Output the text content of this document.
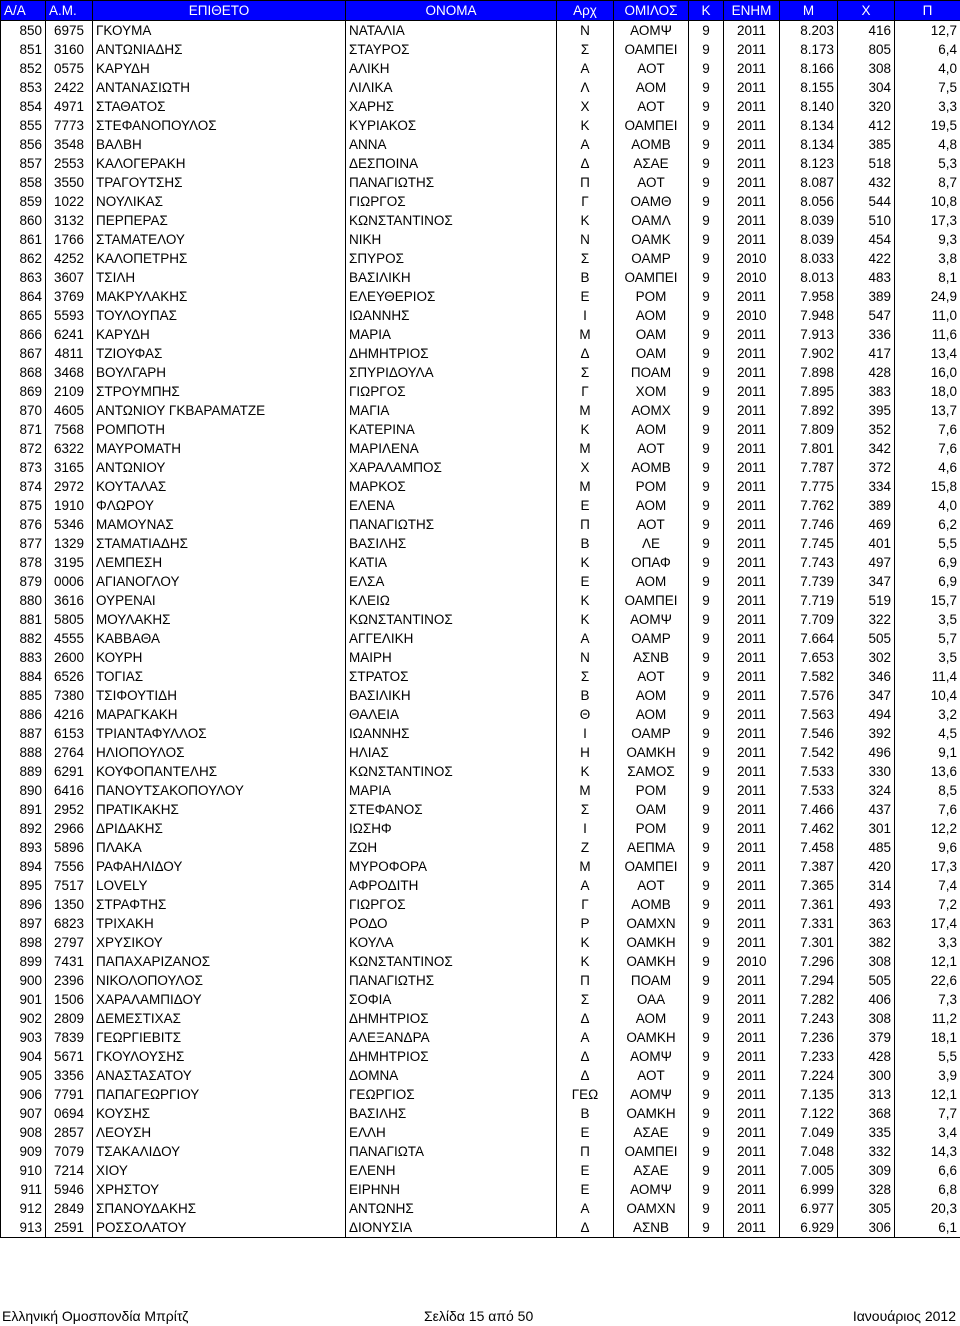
Α/Α	Α.Μ.	ΕΠΙΘΕΤΟ	ΟΝΟΜΑ	Αρχ	ΟΜΙΛΟΣ	Κ	ΕΝΗΜ	Μ	Χ	Π
850	6975	ΓΚΟΥΜΑ	ΝΑΤΑΛΙΑ	Ν	ΑΟΜΨ	9	2011	8.203	416	12,7
851	3160	ΑΝΤΩΝΙΑΔΗΣ	ΣΤΑΥΡΟΣ	Σ	ΟΑΜΠΕΙ	9	2011	8.173	805	6,4
852	0575	ΚΑΡΥΔΗ	ΑΛΙΚΗ	Α	ΑΟΤ	9	2011	8.166	308	4,0
853	2422	ΑΝΤΑΝΑΣΙΩΤΗ	ΛΙΛΙΚΑ	Λ	ΑΟΜ	9	2011	8.155	304	7,5
854	4971	ΣΤΑΘΑΤΟΣ	ΧΑΡΗΣ	Χ	ΑΟΤ	9	2011	8.140	320	3,3
855	7773	ΣΤΕΦΑΝΟΠΟΥΛΟΣ	ΚΥΡΙΑΚΟΣ	Κ	ΟΑΜΠΕΙ	9	2011	8.134	412	19,5
856	3548	ΒΑΛΒΗ	ΑΝΝΑ	Α	ΑΟΜΒ	9	2011	8.134	385	4,8
857	2553	ΚΑΛΟΓΕΡΑΚΗ	ΔΕΣΠΟΙΝΑ	Δ	ΑΣΑΕ	9	2011	8.123	518	5,3
858	3550	ΤΡΑΓΟΥΤΣΗΣ	ΠΑΝΑΓΙΩΤΗΣ	Π	ΑΟΤ	9	2011	8.087	432	8,7
859	1022	ΝΟΥΛΙΚΑΣ	ΓΙΩΡΓΟΣ	Γ	ΟΑΜΘ	9	2011	8.056	544	10,8
860	3132	ΠΕΡΠΕΡΑΣ	ΚΩΝΣΤΑΝΤΙΝΟΣ	Κ	ΟΑΜΛ	9	2011	8.039	510	17,3
861	1766	ΣΤΑΜΑΤΕΛΟΥ	ΝΙΚΗ	Ν	ΟΑΜΚ	9	2011	8.039	454	9,3
862	4252	ΚΑΛΟΠΕΤΡΗΣ	ΣΠΥΡΟΣ	Σ	ΟΑΜΡ	9	2010	8.033	422	3,8
863	3607	ΤΣΙΛΗ	ΒΑΣΙΛΙΚΗ	Β	ΟΑΜΠΕΙ	9	2010	8.013	483	8,1
864	3769	ΜΑΚΡΥΛΑΚΗΣ	ΕΛΕΥΘΕΡΙΟΣ	Ε	ΡΟΜ	9	2011	7.958	389	24,9
865	5593	ΤΟΥΛΟΥΠΑΣ	ΙΩΑΝΝΗΣ	Ι	ΑΟΜ	9	2010	7.948	547	11,0
866	6241	ΚΑΡΥΔΗ	ΜΑΡΙΑ	Μ	ΟΑΜ	9	2011	7.913	336	11,6
867	4811	ΤΖΙΟΥΦΑΣ	ΔΗΜΗΤΡΙΟΣ	Δ	ΟΑΜ	9	2011	7.902	417	13,4
868	3468	ΒΟΥΛΓΑΡΗ	ΣΠΥΡΙΔΟΥΛΑ	Σ	ΠΟΑΜ	9	2011	7.898	428	16,0
869	2109	ΣΤΡΟΥΜΠΗΣ	ΓΙΩΡΓΟΣ	Γ	ΧΟΜ	9	2011	7.895	383	18,0
870	4605	ΑΝΤΩΝΙΟΥ ΓΚΒΑΡΑΜΑΤΖΕ	ΜΑΓΙΑ	Μ	ΑΟΜΧ	9	2011	7.892	395	13,7
871	7568	ΡΟΜΠΟΤΗ	ΚΑΤΕΡΙΝΑ	Κ	ΑΟΜ	9	2011	7.809	352	7,6
872	6322	ΜΑΥΡΟΜΑΤΗ	ΜΑΡΙΛΕΝΑ	Μ	ΑΟΤ	9	2011	7.801	342	7,6
873	3165	ΑΝΤΩΝΙΟΥ	ΧΑΡΑΛΑΜΠΟΣ	Χ	ΑΟΜΒ	9	2011	7.787	372	4,6
874	2972	ΚΟΥΤΑΛΑΣ	ΜΑΡΚΟΣ	Μ	ΡΟΜ	9	2011	7.775	334	15,8
875	1910	ΦΛΩΡΟΥ	ΕΛΕΝΑ	Ε	ΑΟΜ	9	2011	7.762	389	4,0
876	5346	ΜΑΜΟΥΝΑΣ	ΠΑΝΑΓΙΩΤΗΣ	Π	ΑΟΤ	9	2011	7.746	469	6,2
877	1329	ΣΤΑΜΑΤΙΑΔΗΣ	ΒΑΣΙΛΗΣ	Β	ΛΕ	9	2011	7.745	401	5,5
878	3195	ΛΕΜΠΕΣΗ	ΚΑΤΙΑ	Κ	ΟΠΑΦ	9	2011	7.743	497	6,9
879	0006	ΑΓΙΑΝΟΓΛΟΥ	ΕΛΣΑ	Ε	ΑΟΜ	9	2011	7.739	347	6,9
880	3616	ΟΥΡΕΝΑΙ	ΚΛΕΙΩ	Κ	ΟΑΜΠΕΙ	9	2011	7.719	519	15,7
881	5805	ΜΟΥΛΑΚΗΣ	ΚΩΝΣΤΑΝΤΙΝΟΣ	Κ	ΑΟΜΨ	9	2011	7.709	322	3,5
882	4555	ΚΑΒΒΑΘΑ	ΑΓΓΕΛΙΚΗ	Α	ΟΑΜΡ	9	2011	7.664	505	5,7
883	2600	ΚΟΥΡΗ	ΜΑΙΡΗ	Ν	ΑΣΝΒ	9	2011	7.653	302	3,5
884	6526	ΤΟΓΙΑΣ	ΣΤΡΑΤΟΣ	Σ	ΑΟΤ	9	2011	7.582	346	11,4
885	7380	ΤΣΙΦΟΥΤΙΔΗ	ΒΑΣΙΛΙΚΗ	Β	ΑΟΜ	9	2011	7.576	347	10,4
886	4216	ΜΑΡΑΓΚΑΚΗ	ΘΑΛΕΙΑ	Θ	ΑΟΜ	9	2011	7.563	494	3,2
887	6153	ΤΡΙΑΝΤΑΦΥΛΛΟΣ	ΙΩΑΝΝΗΣ	Ι	ΟΑΜΡ	9	2011	7.546	392	4,5
888	2764	ΗΛΙΟΠΟΥΛΟΣ	ΗΛΙΑΣ	Η	ΟΑΜΚΗ	9	2011	7.542	496	9,1
889	6291	ΚΟΥΦΟΠΑΝΤΕΛΗΣ	ΚΩΝΣΤΑΝΤΙΝΟΣ	Κ	ΣΑΜΟΣ	9	2011	7.533	330	13,6
890	6416	ΠΑΝΟΥΤΣΑΚΟΠΟΥΛΟΥ	ΜΑΡΙΑ	Μ	ΡΟΜ	9	2011	7.533	324	8,5
891	2952	ΠΡΑΤΙΚΑΚΗΣ	ΣΤΕΦΑΝΟΣ	Σ	ΟΑΜ	9	2011	7.466	437	7,6
892	2966	ΔΡΙΔΑΚΗΣ	ΙΩΣΗΦ	Ι	ΡΟΜ	9	2011	7.462	301	12,2
893	5896	ΠΛΑΚΑ	ΖΩΗ	Ζ	ΑΕΠΜΑ	9	2011	7.458	485	9,6
894	7556	ΡΑΦΑΗΛΙΔΟΥ	ΜΥΡΟΦΟΡΑ	Μ	ΟΑΜΠΕΙ	9	2011	7.387	420	17,3
895	7517	LOVELY	ΑΦΡΟΔΙΤΗ	Α	ΑΟΤ	9	2011	7.365	314	7,4
896	1350	ΣΤΡΑΦΤΗΣ	ΓΙΩΡΓΟΣ	Γ	ΑΟΜΒ	9	2011	7.361	493	7,2
897	6823	ΤΡΙΧΑΚΗ	ΡΟΔΟ	Ρ	ΟΑΜΧΝ	9	2011	7.331	363	17,4
898	2797	ΧΡΥΣΙΚΟΥ	ΚΟΥΛΑ	Κ	ΟΑΜΚΗ	9	2011	7.301	382	3,3
899	7431	ΠΑΠΑΧΑΡΙΖΑΝΟΣ	ΚΩΝΣΤΑΝΤΙΝΟΣ	Κ	ΟΑΜΚΗ	9	2010	7.296	308	12,1
900	2396	ΝΙΚΟΛΟΠΟΥΛΟΣ	ΠΑΝΑΓΙΩΤΗΣ	Π	ΠΟΑΜ	9	2011	7.294	505	22,6
901	1506	ΧΑΡΑΛΑΜΠΙΔΟΥ	ΣΟΦΙΑ	Σ	ΟΑΑ	9	2011	7.282	406	7,3
902	2809	ΔΕΜΕΣΤΙΧΑΣ	ΔΗΜΗΤΡΙΟΣ	Δ	ΑΟΜ	9	2011	7.243	308	11,2
903	7839	ΓΕΩΡΓΙΕΒΙΤΣ	ΑΛΕΞΑΝΔΡΑ	Α	ΟΑΜΚΗ	9	2011	7.236	379	18,1
904	5671	ΓΚΟΥΛΟΥΣΗΣ	ΔΗΜΗΤΡΙΟΣ	Δ	ΑΟΜΨ	9	2011	7.233	428	5,5
905	3356	ΑΝΑΣΤΑΣΑΤΟΥ	ΔΟΜΝΑ	Δ	ΑΟΤ	9	2011	7.224	300	3,9
906	7791	ΠΑΠΑΓΕΩΡΓΙΟΥ	ΓΕΩΡΓΙΟΣ	ΓΕΩ	ΑΟΜΨ	9	2011	7.135	313	12,1
907	0694	ΚΟΥΣΗΣ	ΒΑΣΙΛΗΣ	Β	ΟΑΜΚΗ	9	2011	7.122	368	7,7
908	2857	ΛΕΟΥΣΗ	ΕΛΛΗ	Ε	ΑΣΑΕ	9	2011	7.049	335	3,4
909	7079	ΤΣΑΚΑΛΙΔΟΥ	ΠΑΝΑΓΙΩΤΑ	Π	ΟΑΜΠΕΙ	9	2011	7.048	332	14,3
910	7214	ΧΙΟΥ	ΕΛΕΝΗ	Ε	ΑΣΑΕ	9	2011	7.005	309	6,6
911	5946	ΧΡΗΣΤΟΥ	ΕΙΡΗΝΗ	Ε	ΑΟΜΨ	9	2011	6.999	328	6,8
912	2849	ΣΠΑΝΟΥΔΑΚΗΣ	ΑΝΤΩΝΗΣ	Α	ΟΑΜΧΝ	9	2011	6.977	305	20,3
913	2591	ΡΟΣΣΟΛΑΤΟΥ	ΔΙΟΝΥΣΙΑ	Δ	ΑΣΝΒ	9	2011	6.929	306	6,1
Ελληνική Ομοσπονδία Μπρίτζ	Σελίδα 15 από 50	Ιανουάριος 2012
